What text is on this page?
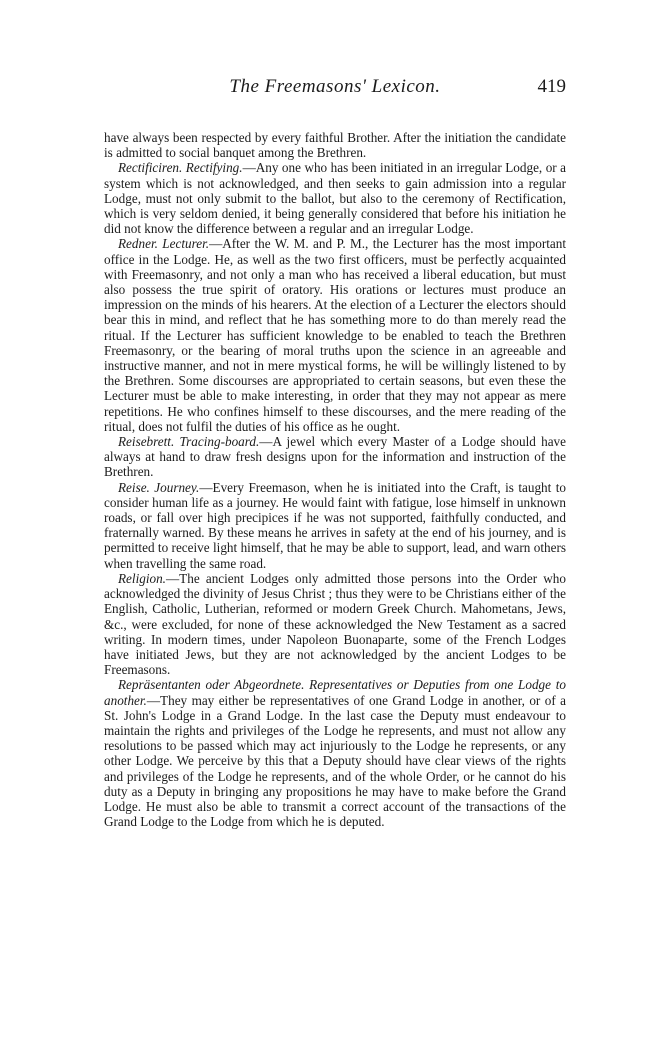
The Freemasons' Lexicon.	419

have always been respected by every faithful Brother. After the initiation the candidate is admitted to social banquet among the Brethren.

Rectificiren. Rectifying.—Any one who has been initiated in an irregular Lodge, or a system which is not acknowledged, and then seeks to gain admission into a regular Lodge, must not only submit to the ballot, but also to the ceremony of Rectification, which is very seldom denied, it being generally considered that before his initiation he did not know the difference between a regular and an irregular Lodge.

Redner. Lecturer.—After the W. M. and P. M., the Lecturer has the most important office in the Lodge. He, as well as the two first officers, must be perfectly acquainted with Freemasonry, and not only a man who has received a liberal education, but must also possess the true spirit of oratory. His orations or lectures must produce an impression on the minds of his hearers. At the election of a Lecturer the electors should bear this in mind, and reflect that he has something more to do than merely read the ritual. If the Lecturer has sufficient knowledge to be enabled to teach the Brethren Freemasonry, or the bearing of moral truths upon the science in an agreeable and instructive manner, and not in mere mystical forms, he will be willingly listened to by the Brethren. Some discourses are appropriated to certain seasons, but even these the Lecturer must be able to make interesting, in order that they may not appear as mere repetitions. He who confines himself to these discourses, and the mere reading of the ritual, does not fulfil the duties of his office as he ought.

Reisebrett. Tracing-board.—A jewel which every Master of a Lodge should have always at hand to draw fresh designs upon for the information and instruction of the Brethren.

Reise. Journey.—Every Freemason, when he is initiated into the Craft, is taught to consider human life as a journey. He would faint with fatigue, lose himself in unknown roads, or fall over high precipices if he was not supported, faithfully conducted, and fraternally warned. By these means he arrives in safety at the end of his journey, and is permitted to receive light himself, that he may be able to support, lead, and warn others when travelling the same road.

Religion.—The ancient Lodges only admitted those persons into the Order who acknowledged the divinity of Jesus Christ ; thus they were to be Christians either of the English, Catholic, Lutherian, reformed or modern Greek Church. Mahometans, Jews, &c., were excluded, for none of these acknowledged the New Testament as a sacred writing. In modern times, under Napoleon Buonaparte, some of the French Lodges have initiated Jews, but they are not acknowledged by the ancient Lodges to be Freemasons.

Repräsentanten oder Abgeordnete. Representatives or Deputies from one Lodge to another.—They may either be representatives of one Grand Lodge in another, or of a St. John's Lodge in a Grand Lodge. In the last case the Deputy must endeavour to maintain the rights and privileges of the Lodge he represents, and must not allow any resolutions to be passed which may act injuriously to the Lodge he represents, or any other Lodge. We perceive by this that a Deputy should have clear views of the rights and privileges of the Lodge he represents, and of the whole Order, or he cannot do his duty as a Deputy in bringing any propositions he may have to make before the Grand Lodge. He must also be able to transmit a correct account of the transactions of the Grand Lodge to the Lodge from which he is deputed.
